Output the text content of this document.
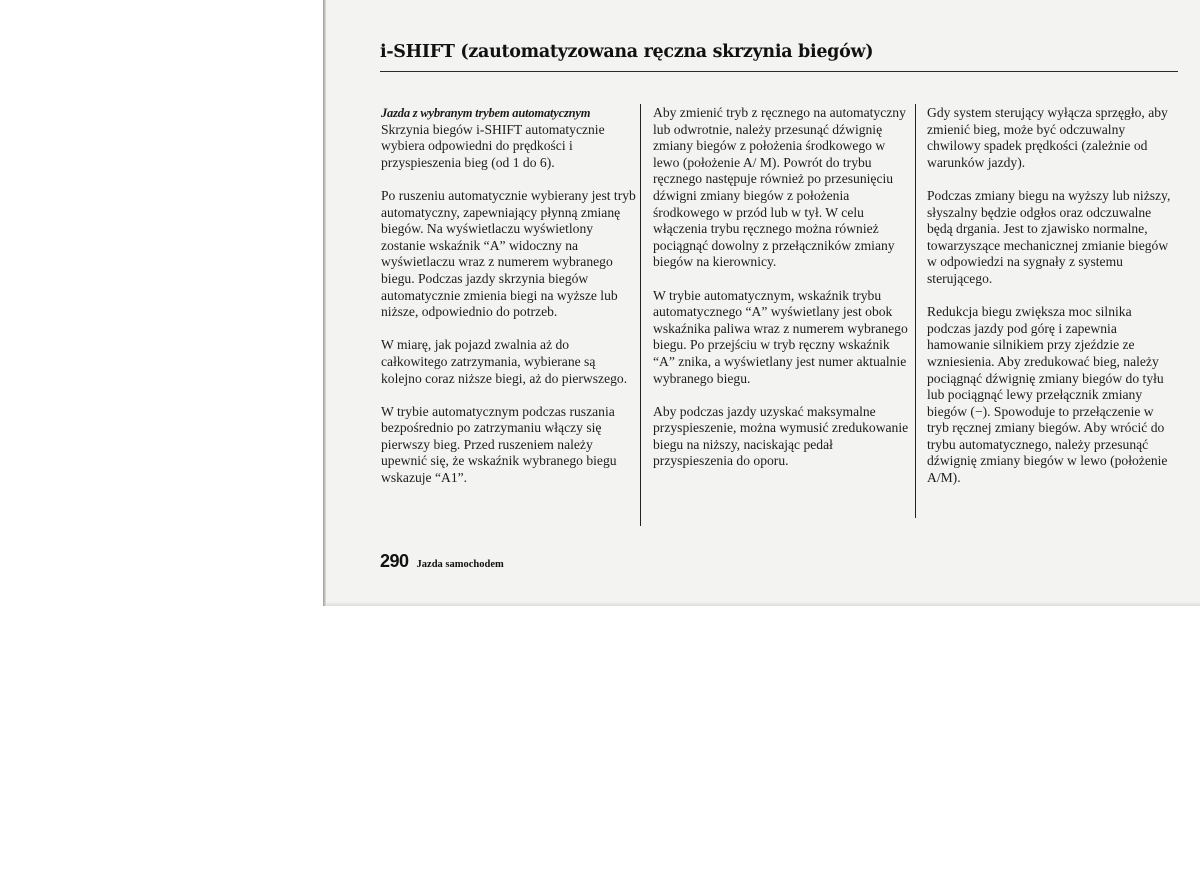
i-SHIFT (zautomatyzowana ręczna skrzynia biegów)
Jazda z wybranym trybem automatycznym

Skrzynia biegów i-SHIFT automatycznie wybiera odpowiedni do prędkości i przyspieszenia bieg (od 1 do 6).

Po ruszeniu automatycznie wybierany jest tryb automatyczny, zapewniający płynną zmianę biegów. Na wyświetlaczu wyświetlony zostanie wskaźnik “A” widoczny na wyświetlaczu wraz z numerem wybranego biegu. Podczas jazdy skrzynia biegów automatycznie zmienia biegi na wyższe lub niższe, odpowiednio do potrzeb.

W miarę, jak pojazd zwalnia aż do całkowitego zatrzymania, wybierane są kolejno coraz niższe biegi, aż do pierwszego.

W trybie automatycznym podczas ruszania bezpośrednio po zatrzymaniu włączy się pierwszy bieg. Przed ruszeniem należy upewnić się, że wskaźnik wybranego biegu wskazuje “A1”.

Aby zmienić tryb z ręcznego na automatyczny lub odwrotnie, należy przesunąć dźwignię zmiany biegów z położenia środkowego w lewo (położenie A/ M). Powrót do trybu ręcznego następuje również po przesunięciu dźwigni zmiany biegów z położenia środkowego w przód lub w tył. W celu włączenia trybu ręcznego można również pociągnąć dowolny z przełączników zmiany biegów na kierownicy.

W trybie automatycznym, wskaźnik trybu automatycznego “A” wyświetlany jest obok wskaźnika paliwa wraz z numerem wybranego biegu. Po przejściu w tryb ręczny wskaźnik “A” znika, a wyświetlany jest numer aktualnie wybranego biegu.

Aby podczas jazdy uzyskać maksymalne przyspieszenie, można wymusić zredukowanie biegu na niższy, naciskając pedał przyspieszenia do oporu.

Gdy system sterujący wyłącza sprzęgło, aby zmienić bieg, może być odczuwalny chwilowy spadek prędkości (zależnie od warunków jazdy).

Podczas zmiany biegu na wyższy lub niższy, słyszalny będzie odgłos oraz odczuwalne będą drgania. Jest to zjawisko normalne, towarzyszące mechanicznej zmianie biegów w odpowiedzi na sygnały z systemu sterującego.

Redukcja biegu zwiększa moc silnika podczas jazdy pod górę i zapewnia hamowanie silnikiem przy zjeździe ze wzniesienia. Aby zredukować bieg, należy pociągnąć dźwignię zmiany biegów do tyłu lub pociągnąć lewy przełącznik zmiany biegów (−). Spowoduje to przełączenie w tryb ręcznej zmiany biegów. Aby wrócić do trybu automatycznego, należy przesunąć dźwignię zmiany biegów w lewo (położenie A/M).

290 Jazda samochodem
